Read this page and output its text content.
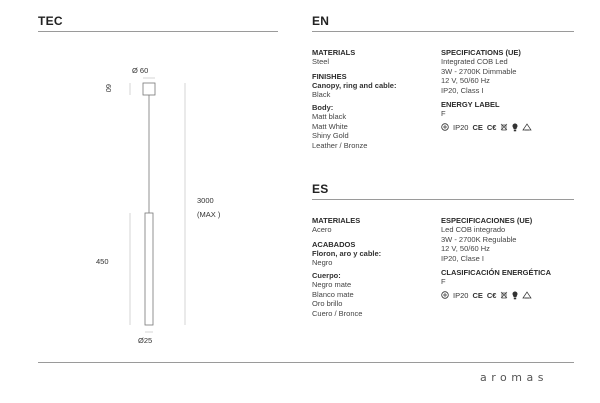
TEC
Ø 60
60
3000
(MAX )
450
Ø25
EN
MATERIALS
Steel
FINISHES
Canopy, ring and cable:
Black
Body:
Matt black
Matt White
Shiny Gold
Leather / Bronze
SPECIFICATIONS (UE)
Integrated COB Led
3W - 2700K Dimmable
12 V, 50/60 Hz
IP20, Class I
ENERGY LABEL
F
IP20 CE C€
ES
MATERIALES
Acero
ACABADOS
Floron, aro y cable:
Negro
Cuerpo:
Negro mate
Blanco mate
Oro brillo
Cuero / Bronce
ESPECIFICACIONES (UE)
Led COB integrado
3W - 2700K Regulable
12 V, 50/60 Hz
IP20, Clase I
CLASIFICACIÓN ENERGÉTICA
F
IP20 CE C€
aromas
